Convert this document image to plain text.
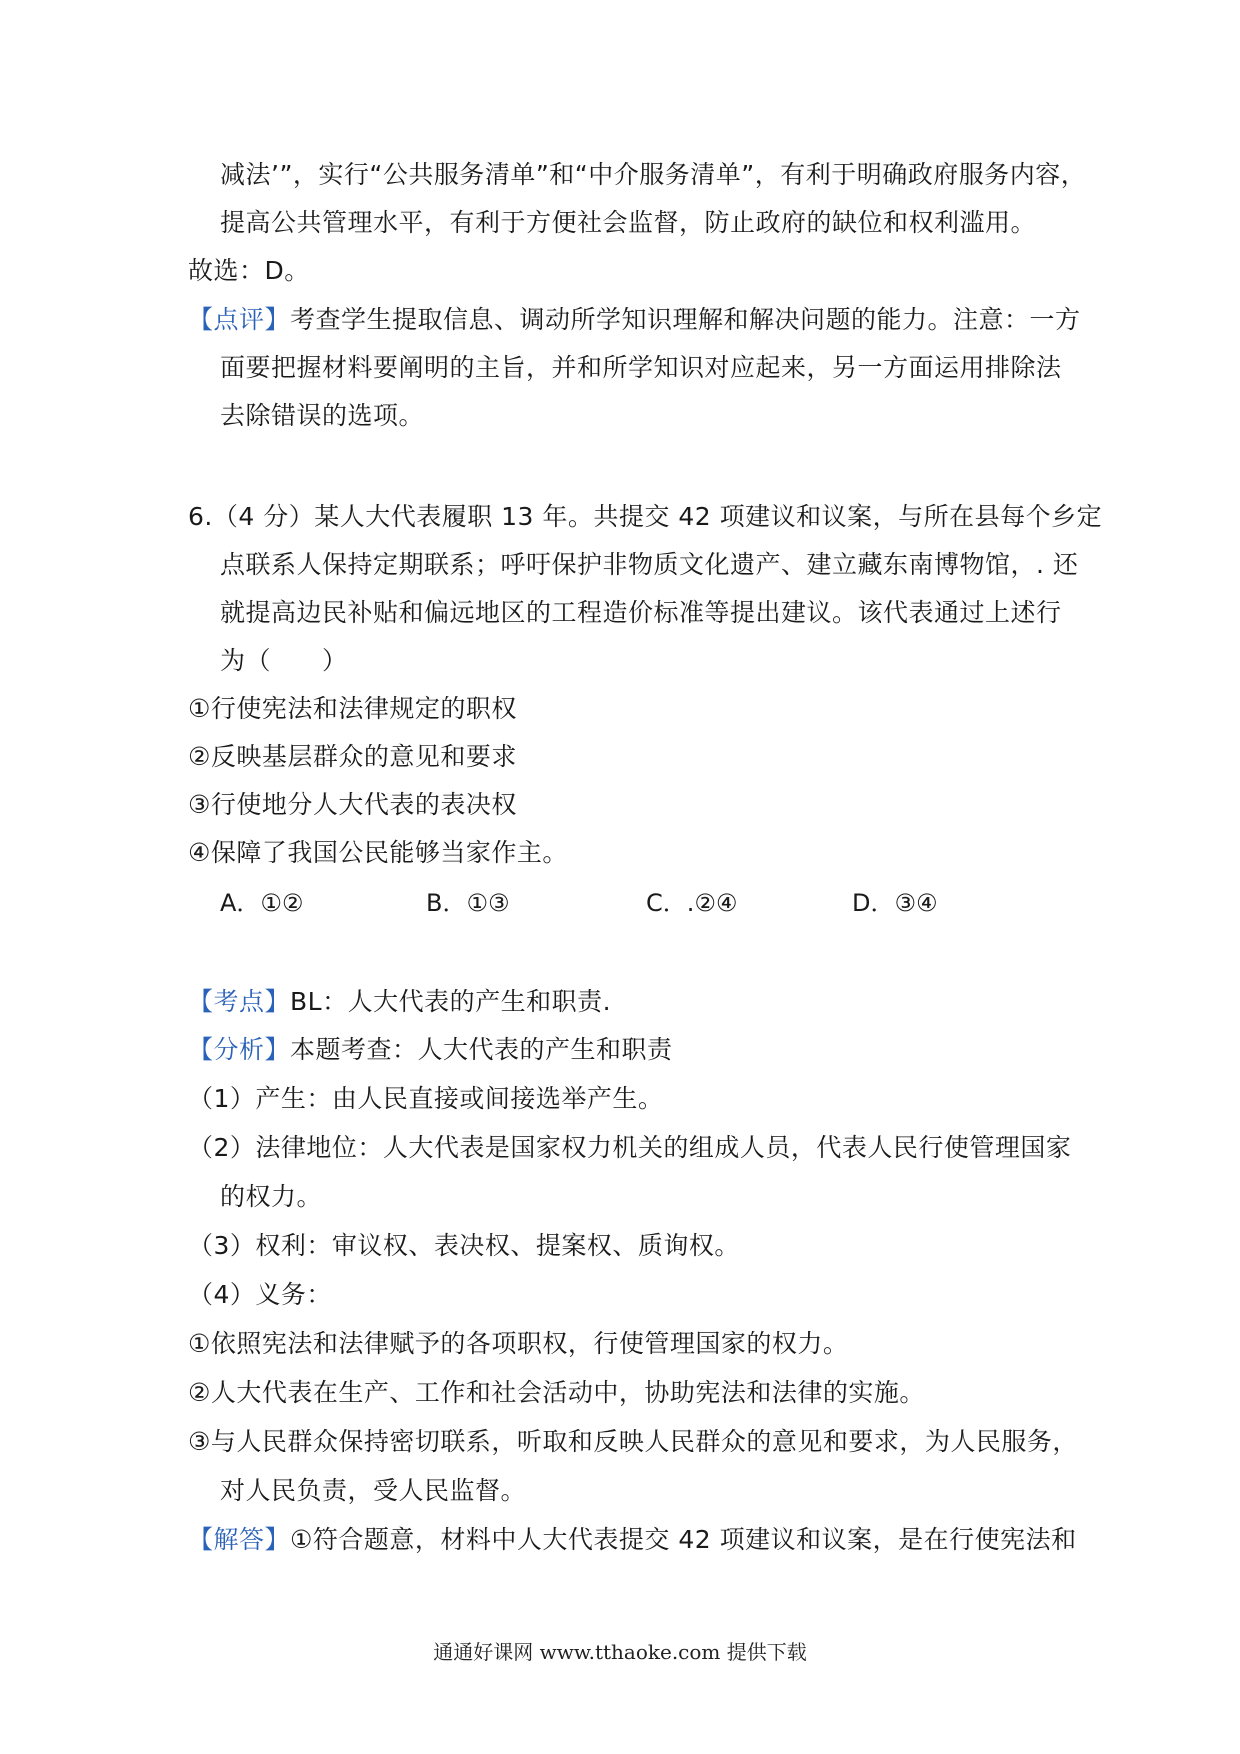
减法’”，实行“公共服务清单”和“中介服务清单”，有利于明确政府服务内容，
提高公共管理水平，有利于方便社会监督，防止政府的缺位和权利滥用。
故选：D。
【点评】考查学生提取信息、调动所学知识理解和解决问题的能力。注意：一方
面要把握材料要阐明的主旨，并和所学知识对应起来，另一方面运用排除法
去除错误的选项。
6.（4 分）某人大代表履职 13 年。共提交 42 项建议和议案，与所在县每个乡定
点联系人保持定期联系；呼吁保护非物质文化遗产、建立藏东南博物馆，. 还
就提高边民补贴和偏远地区的工程造价标准等提出建议。该代表通过上述行
为（　　）
①行使宪法和法律规定的职权
②反映基层群众的意见和要求
③行使地分人大代表的表决权
④保障了我国公民能够当家作主。
A．①②	B．①③	C．.②④	D．③④
【考点】BL：人大代表的产生和职责.
【分析】本题考查：人大代表的产生和职责
（1）产生：由人民直接或间接选举产生。
（2）法律地位：人大代表是国家权力机关的组成人员，代表人民行使管理国家
的权力。
（3）权利：审议权、表决权、提案权、质询权。
（4）义务：
①依照宪法和法律赋予的各项职权，行使管理国家的权力。
②人大代表在生产、工作和社会活动中，协助宪法和法律的实施。
③与人民群众保持密切联系，听取和反映人民群众的意见和要求，为人民服务，
对人民负责，受人民监督。
【解答】①符合题意，材料中人大代表提交 42 项建议和议案，是在行使宪法和
通通好课网 www.tthaoke.com 提供下载
